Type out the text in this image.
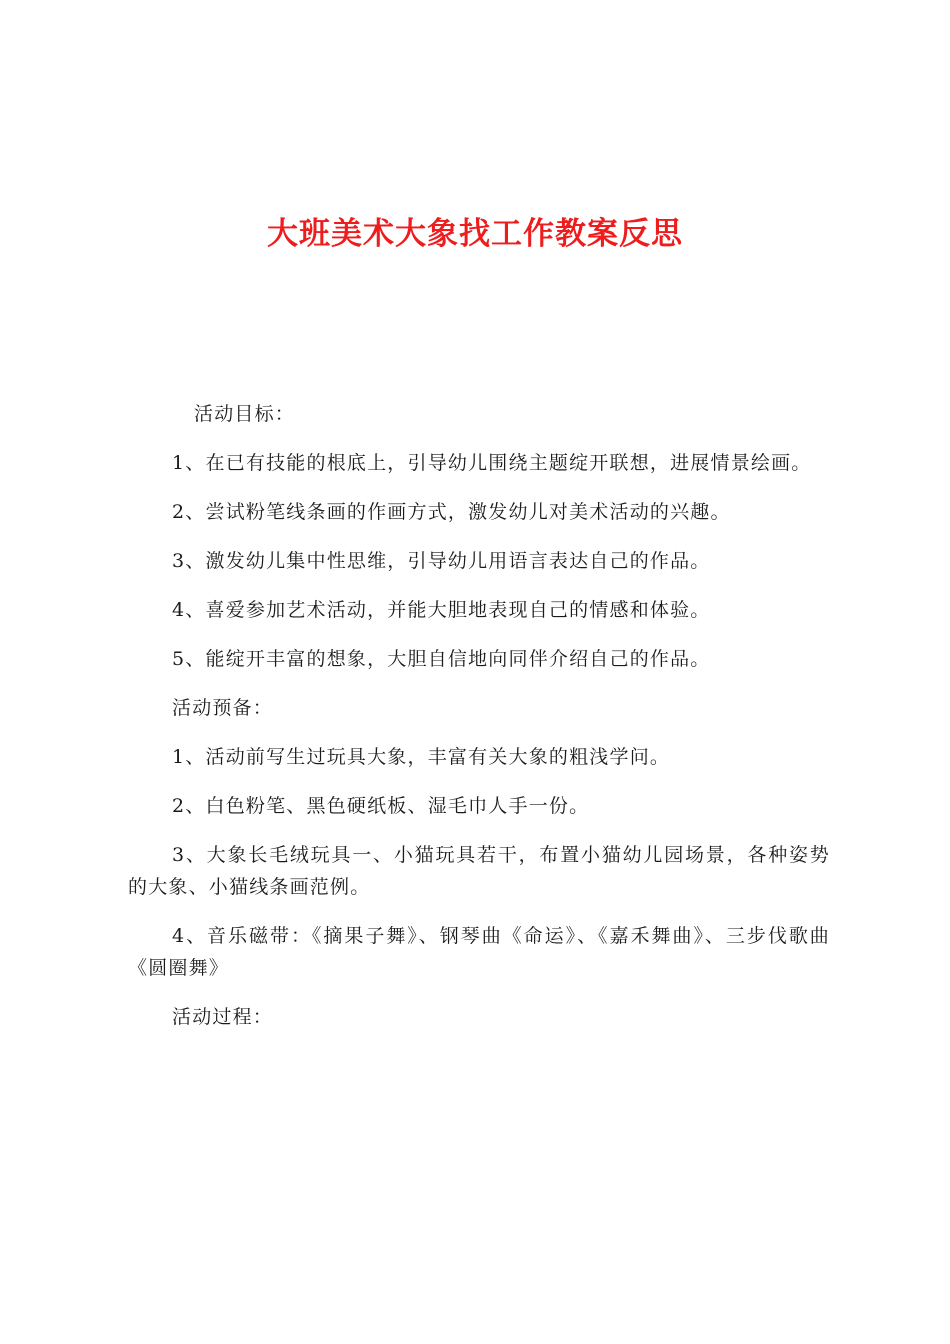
大班美术大象找工作教案反思

活动目标：

1、在已有技能的根底上，引导幼儿围绕主题绽开联想，进展情景绘画。

2、尝试粉笔线条画的作画方式，激发幼儿对美术活动的兴趣。

3、激发幼儿集中性思维，引导幼儿用语言表达自己的作品。

4、喜爱参加艺术活动，并能大胆地表现自己的情感和体验。

5、能绽开丰富的想象，大胆自信地向同伴介绍自己的作品。

活动预备：

1、活动前写生过玩具大象，丰富有关大象的粗浅学问。

2、白色粉笔、黑色硬纸板、湿毛巾人手一份。

3、大象长毛绒玩具一、小猫玩具若干，布置小猫幼儿园场景，各种姿势的大象、小猫线条画范例。

4、音乐磁带：《摘果子舞》、钢琴曲《命运》、《嘉禾舞曲》、三步伐歌曲《圆圈舞》

活动过程：
